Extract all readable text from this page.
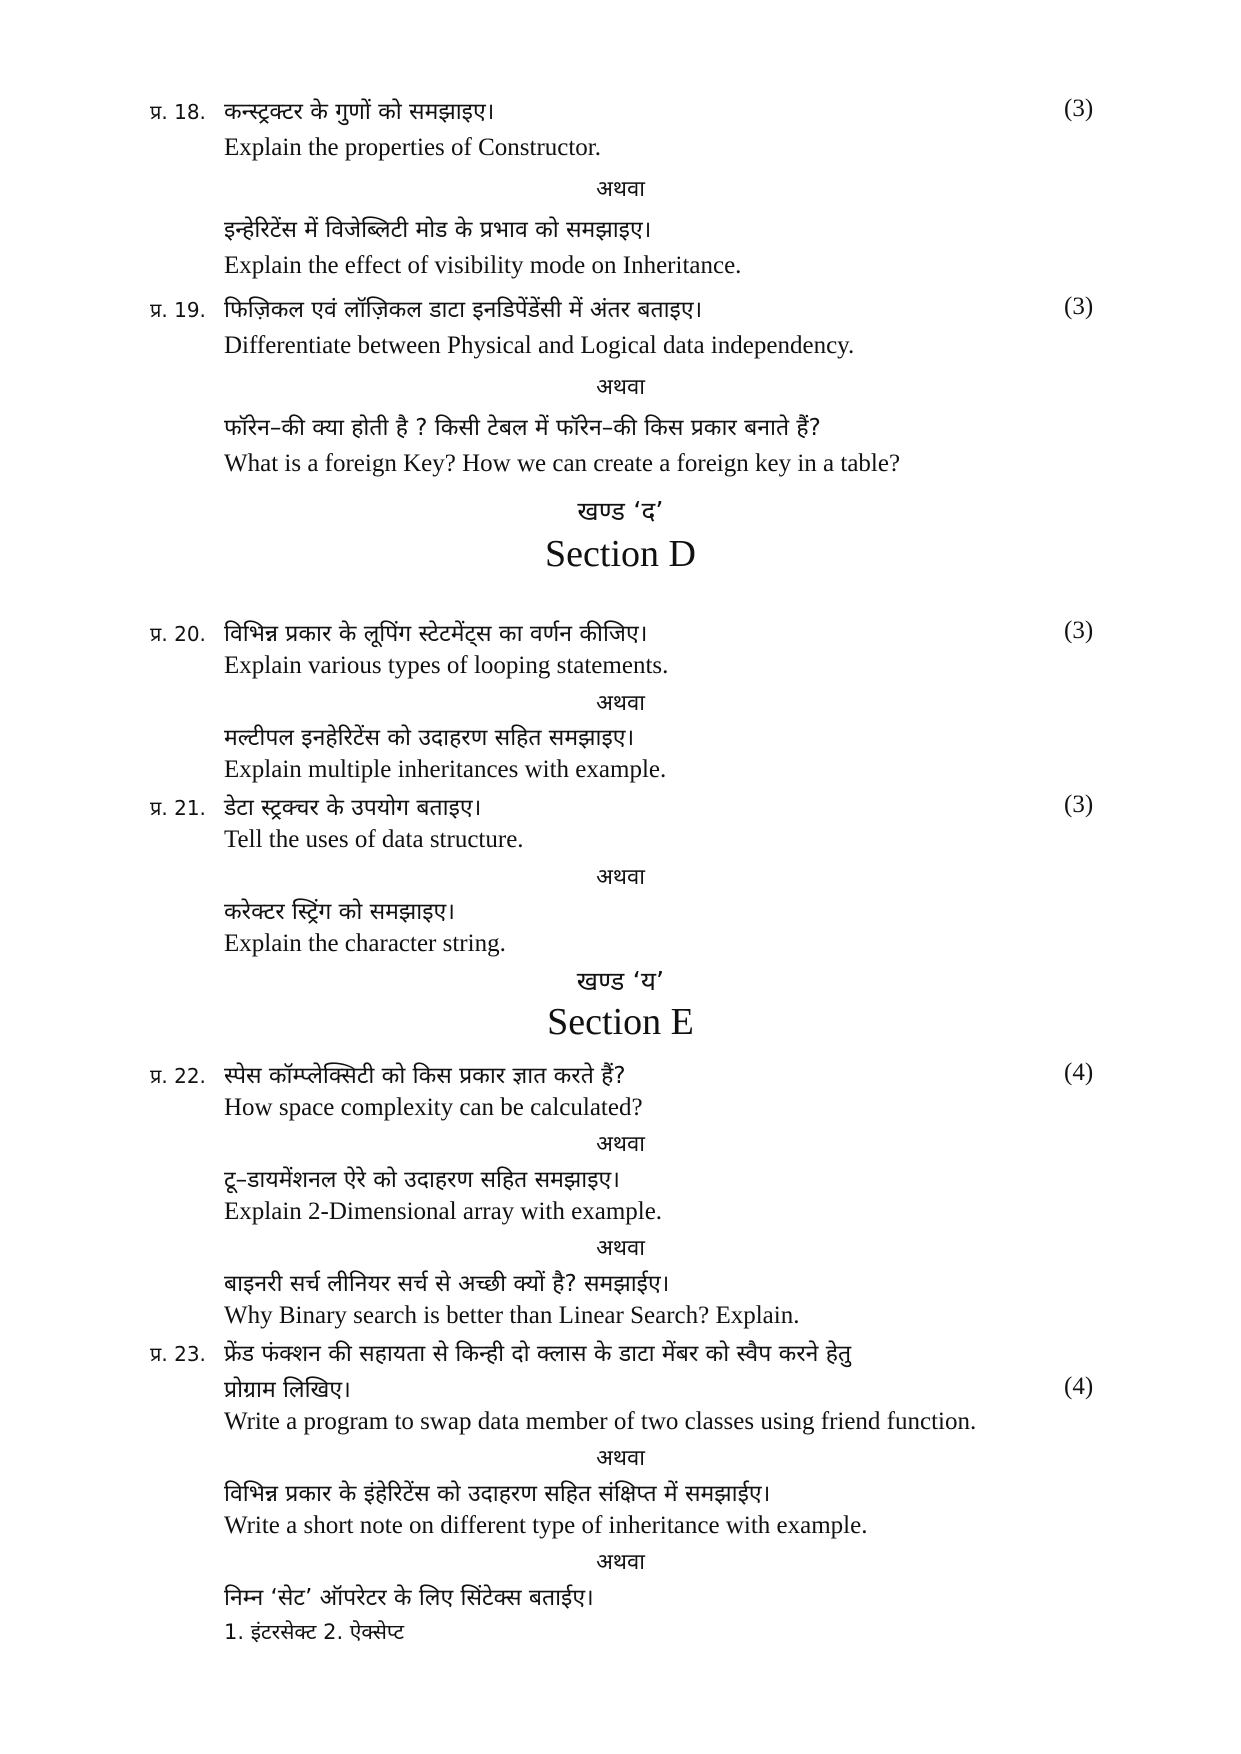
प्र. 18. कन्स्ट्रक्टर के गुणों को समझाइए।	(3)
Explain the properties of Constructor.
अथवा
इन्हेरिटेंस में विजेब्लिटी मोड के प्रभाव को समझाइए।
Explain the effect of visibility mode on Inheritance.
प्र. 19. फिज़िकल एवं लॉज़िकल डाटा इनडिपेंडेंसी में अंतर बताइए।	(3)
Differentiate between Physical and Logical data independency.
अथवा
फॉरेन–की क्या होती है ? किसी टेबल में फॉरेन–की किस प्रकार बनाते हैं?
What is a foreign Key? How we can create a foreign key in a table?
खण्ड ‘द’
Section D
प्र. 20. विभिन्न प्रकार के लूपिंग स्टेटमेंट्स का वर्णन कीजिए।	(3)
Explain various types of looping statements.
अथवा
मल्टीपल इनहेरिटेंस को उदाहरण सहित समझाइए।
Explain multiple inheritances with example.
प्र. 21. डेटा स्ट्रक्चर के उपयोग बताइए।	(3)
Tell the uses of data structure.
अथवा
करेक्टर स्ट्रिंग को समझाइए।
Explain the character string.
खण्ड ‘य’
Section E
प्र. 22. स्पेस कॉम्प्लेक्सिटी को किस प्रकार ज्ञात करते हैं?	(4)
How space complexity can be calculated?
अथवा
टू–डायमेंशनल ऐरे को उदाहरण सहित समझाइए।
Explain 2-Dimensional array with example.
अथवा
बाइनरी सर्च लीनियर सर्च से अच्छी क्यों है? समझाईए।
Why Binary search is better than Linear Search? Explain.
प्र. 23. फ्रेंड फंक्शन की सहायता से किन्ही दो क्लास के डाटा मेंबर को स्वैप करने हेतु
प्रोग्राम लिखिए।	(4)
Write a program to swap data member of two classes using friend function.
अथवा
विभिन्न प्रकार के इंहेरिटेंस को उदाहरण सहित संक्षिप्त में समझाईए।
Write a short note on different type of inheritance with example.
अथवा
निम्न ‘सेट’ ऑपरेटर के लिए सिंटेक्स बताईए।
1. इंटरसेक्ट 2. ऐक्सेप्ट
